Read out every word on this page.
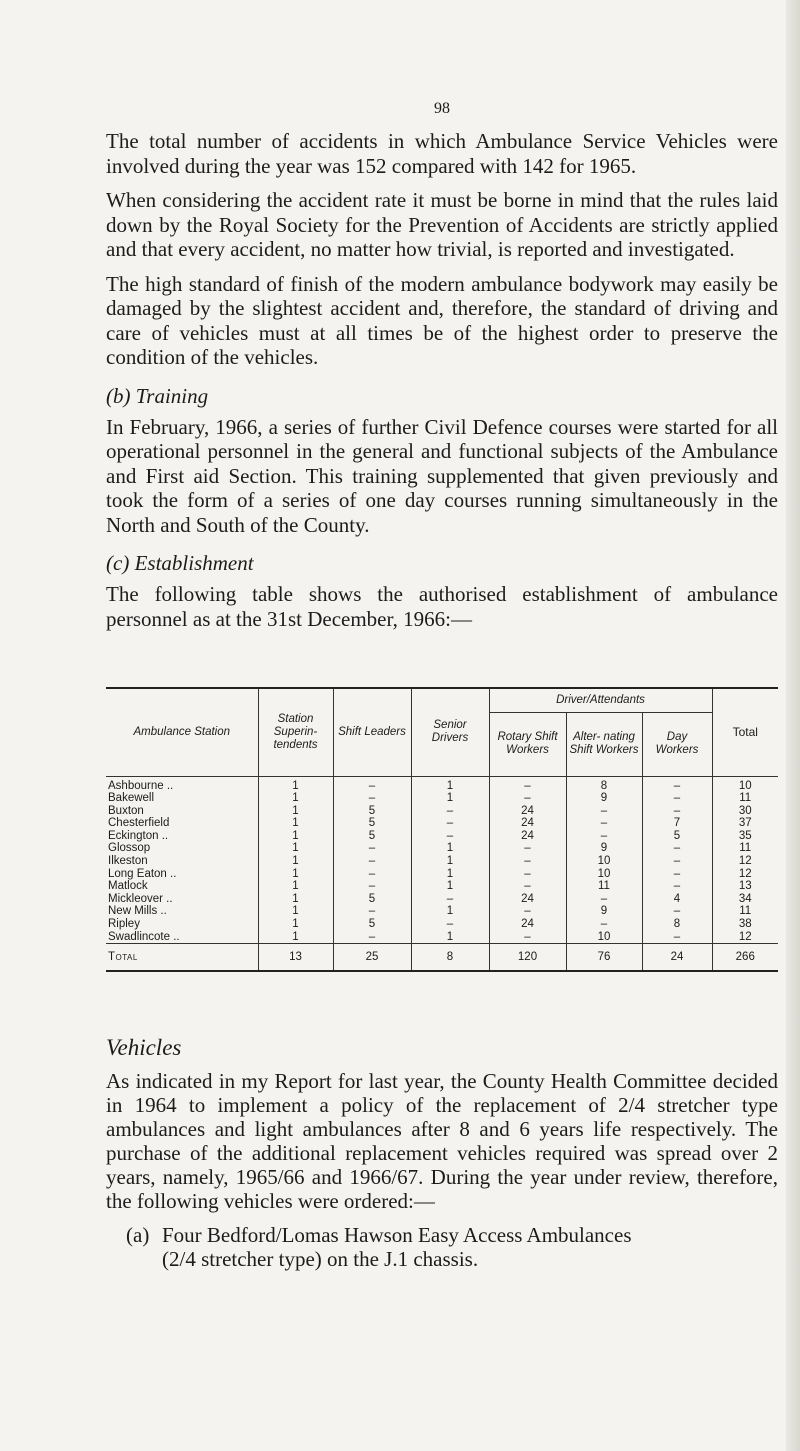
98

The total number of accidents in which Ambulance Service Vehicles were involved during the year was 152 compared with 142 for 1965.

When considering the accident rate it must be borne in mind that the rules laid down by the Royal Society for the Prevention of Accidents are strictly applied and that every accident, no matter how trivial, is reported and investigated.

The high standard of finish of the modern ambulance bodywork may easily be damaged by the slightest accident and, therefore, the standard of driving and care of vehicles must at all times be of the highest order to preserve the condition of the vehicles.

(b) Training

In February, 1966, a series of further Civil Defence courses were started for all operational personnel in the general and functional subjects of the Ambulance and First aid Section. This training supplemented that given previously and took the form of a series of one day courses running simultaneously in the North and South of the County.

(c) Establishment

The following table shows the authorised establishment of ambulance personnel as at the 31st December, 1966:—

Ambulance Station	Station Superin- tendents	Shift Leaders	Senior Drivers	Driver/Attendants			Total
				Rotary Shift Workers	Alter- nating Shift Workers	Day Workers	
Ashbourne ..	1	–	1	–	8	–	10
Bakewell	1	–	1	–	9	–	11
Buxton	1	5	–	24	–	–	30
Chesterfield	1	5	–	24	–	7	37
Eckington ..	1	5	–	24	–	5	35
Glossop	1	–	1	–	9	–	11
Ilkeston	1	–	1	–	10	–	12
Long Eaton ..	1	–	1	–	10	–	12
Matlock	1	–	1	–	11	–	13
Mickleover ..	1	5	–	24	–	4	34
New Mills ..	1	–	1	–	9	–	11
Ripley	1	5	–	24	–	8	38
Swadlincote ..	1	–	1	–	10	–	12
Total	13	25	8	120	76	24	266
Vehicles

As indicated in my Report for last year, the County Health Committee decided in 1964 to implement a policy of the replacement of 2/4 stretcher type ambulances and light ambulances after 8 and 6 years life respectively. The purchase of the additional replacement vehicles required was spread over 2 years, namely, 1965/66 and 1966/67. During the year under review, therefore, the following vehicles were ordered:—

(a) Four Bedford/Lomas Hawson Easy Access Ambulances
(2/4 stretcher type) on the J.1 chassis.
